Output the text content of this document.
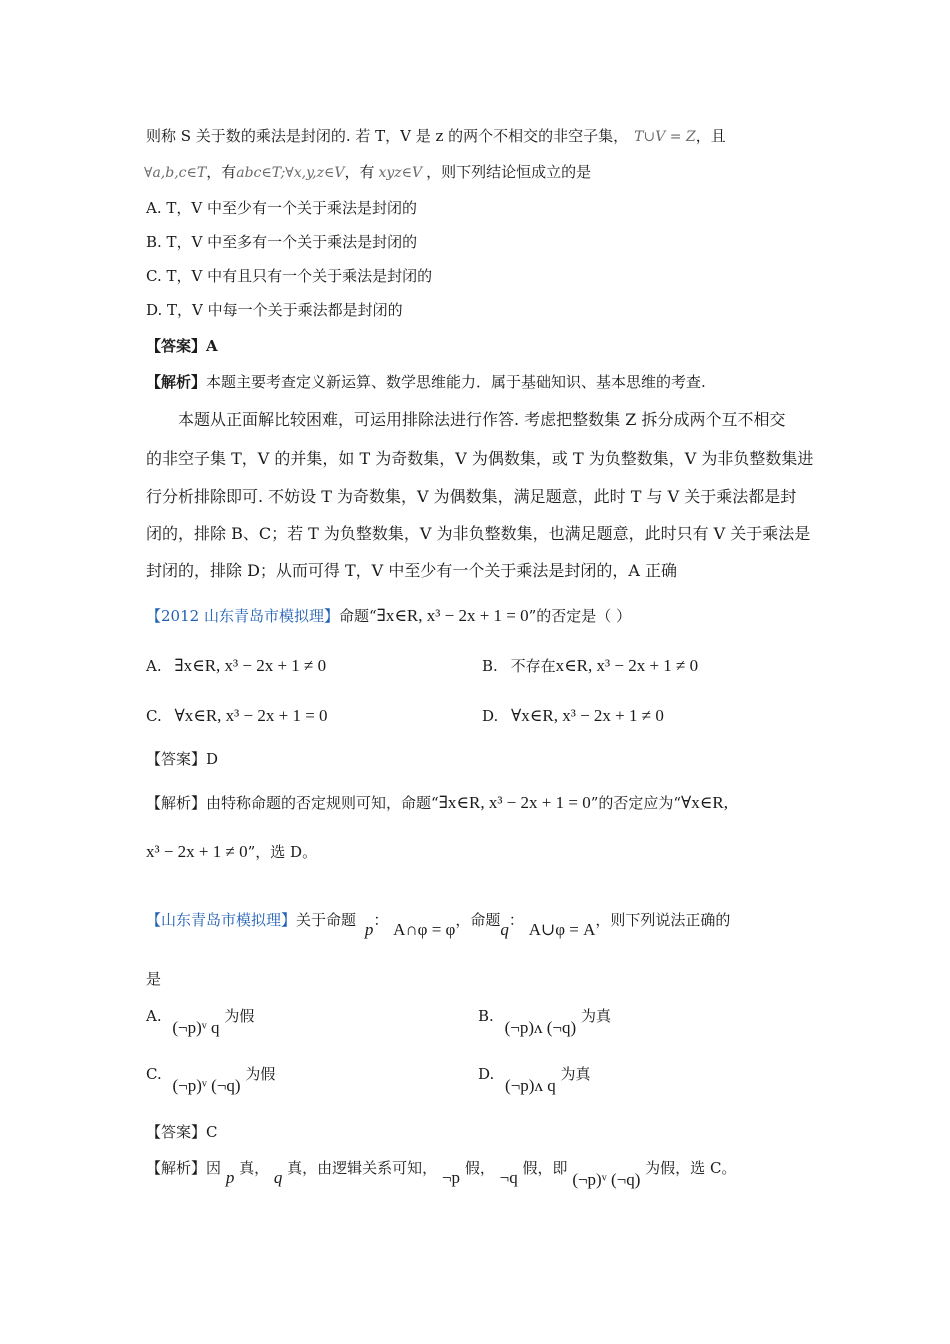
则称 S 关于数的乘法是封闭的. 若 T，V 是 z 的两个不相交的非空子集， T∪V = Z，且
∀a,b,c∈T，有abc∈T;∀x,y,z∈V，有 xyz∈V ，则下列结论恒成立的是
A. T，V 中至少有一个关于乘法是封闭的
B. T，V 中至多有一个关于乘法是封闭的
C. T，V 中有且只有一个关于乘法是封闭的
D. T，V 中每一个关于乘法都是封闭的
【答案】A
【解析】本题主要考查定义新运算、数学思维能力．属于基础知识、基本思维的考查.
本题从正面解比较困难，可运用排除法进行作答. 考虑把整数集 Z 拆分成两个互不相交
的非空子集 T，V 的并集，如 T 为奇数集，V 为偶数集，或 T 为负整数集，V 为非负整数集进
行分析排除即可. 不妨设 T 为奇数集，V 为偶数集，满足题意，此时 T 与 V 关于乘法都是封
闭的，排除 B、C；若 T 为负整数集，V 为非负整数集，也满足题意，此时只有 V 关于乘法是
封闭的，排除 D；从而可得 T，V 中至少有一个关于乘法是封闭的，A 正确
【2012 山东青岛市模拟理】命题“∃x∈R, x³ − 2x + 1 = 0”的否定是（ ）
A. ∃x∈R, x³ − 2x + 1 ≠ 0	B. 不存在x∈R, x³ − 2x + 1 ≠ 0
C. ∀x∈R, x³ − 2x + 1 = 0	D. ∀x∈R, x³ − 2x + 1 ≠ 0
【答案】D
【解析】由特称命题的否定规则可知，命题“∃x∈R, x³ − 2x + 1 = 0”的否定应为“∀x∈R,
x³ − 2x + 1 ≠ 0”，选 D。
【山东青岛市模拟理】关于命题 p： A∩φ = φ，命题q： A∪φ = A，则下列说法正确的
是
A. (¬p)ᵛ q 为假	B. (¬p)ᴧ (¬q) 为真
C. (¬p)ᵛ (¬q) 为假	D. (¬p)ᴧ q 为真
【答案】C
【解析】因 p 真， q 真，由逻辑关系可知， ¬p 假， ¬q 假，即 (¬p)ᵛ (¬q) 为假，选 C。
